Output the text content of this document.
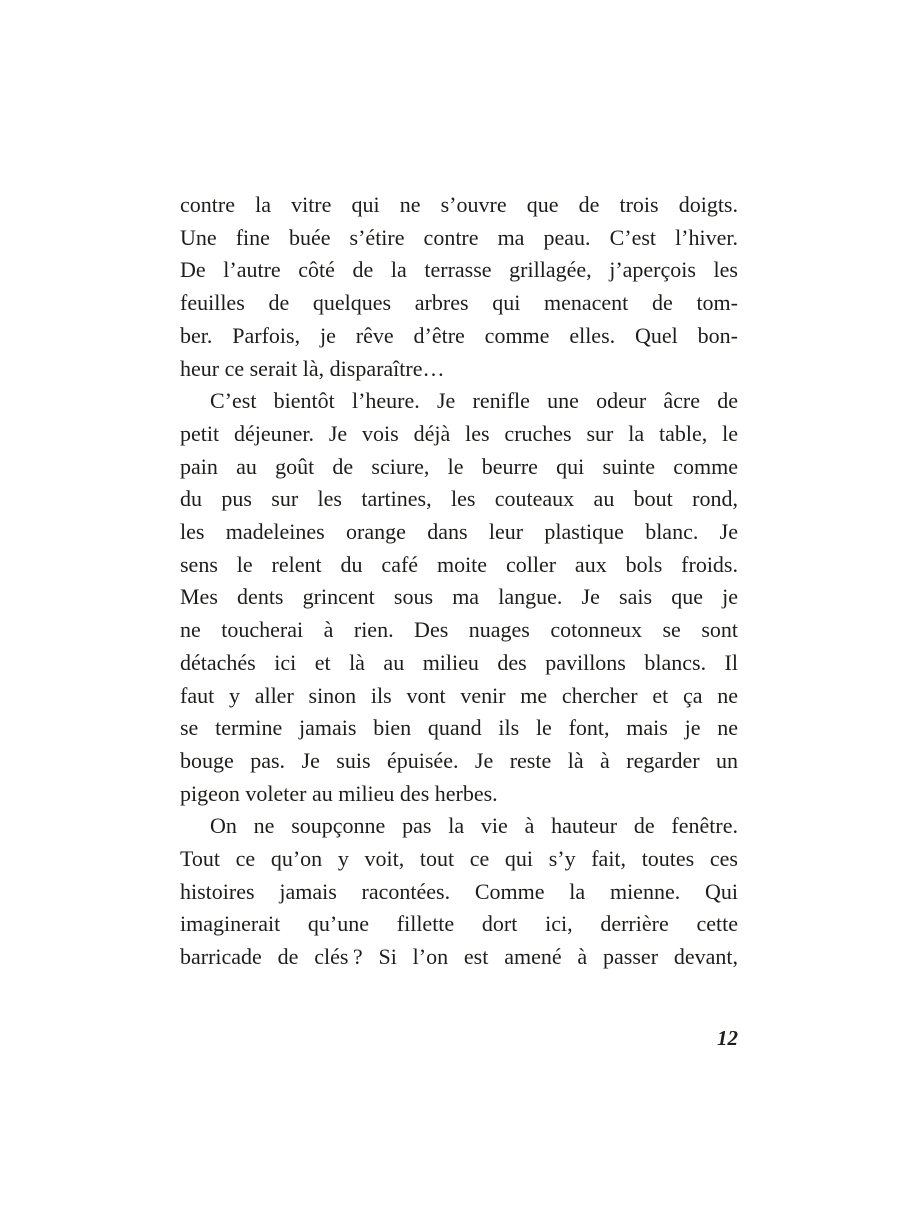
contre la vitre qui ne s’ouvre que de trois doigts.
Une fine buée s’étire contre ma peau. C’est l’hiver.
De l’autre côté de la terrasse grillagée, j’aperçois les
feuilles de quelques arbres qui menacent de tom-
ber. Parfois, je rêve d’être comme elles. Quel bon-
heur ce serait là, disparaître…
C’est bientôt l’heure. Je renifle une odeur âcre de
petit déjeuner. Je vois déjà les cruches sur la table, le
pain au goût de sciure, le beurre qui suinte comme
du pus sur les tartines, les couteaux au bout rond,
les madeleines orange dans leur plastique blanc. Je
sens le relent du café moite coller aux bols froids.
Mes dents grincent sous ma langue. Je sais que je
ne toucherai à rien. Des nuages cotonneux se sont
détachés ici et là au milieu des pavillons blancs. Il
faut y aller sinon ils vont venir me chercher et ça ne
se termine jamais bien quand ils le font, mais je ne
bouge pas. Je suis épuisée. Je reste là à regarder un
pigeon voleter au milieu des herbes.
On ne soupçonne pas la vie à hauteur de fenêtre.
Tout ce qu’on y voit, tout ce qui s’y fait, toutes ces
histoires jamais racontées. Comme la mienne. Qui
imaginerait qu’une fillette dort ici, derrière cette
barricade de clés ? Si l’on est amené à passer devant,
12
